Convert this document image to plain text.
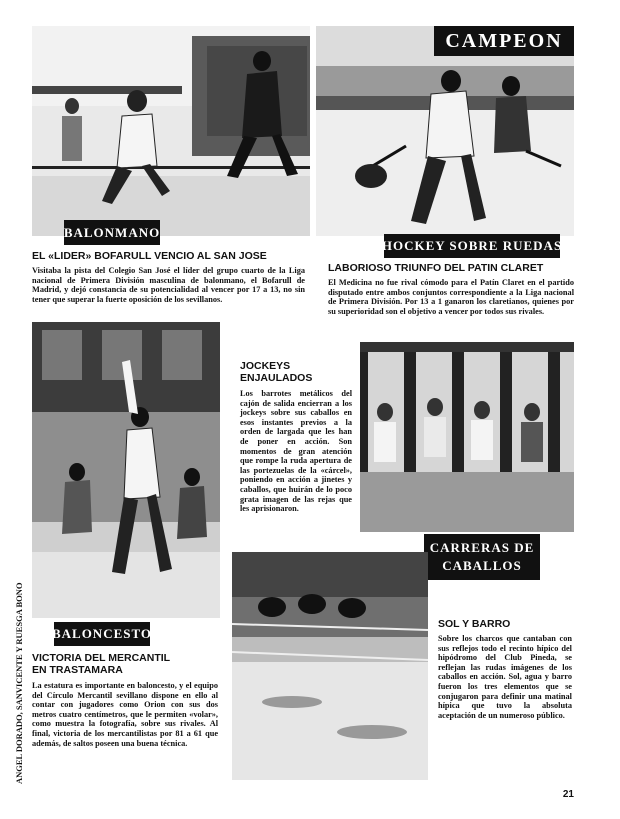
BALONMANO
EL «LIDER» BOFARULL VENCIO AL SAN JOSE
Visitaba la pista del Colegio San José el líder del grupo cuarto de la Liga nacional de Primera División masculina de balonmano, el Bofarull de Madrid, y dejó constancia de su potencialidad al vencer por 17 a 13, no sin tener que superar la fuerte oposición de los sevillanos.
CAMPEON
HOCKEY SOBRE RUEDAS
LABORIOSO TRIUNFO DEL PATIN CLARET
El Medicina no fue rival cómodo para el Patín Claret en el partido disputado entre ambos conjuntos correspondiente a la Liga nacional de Primera División. Por 13 a 1 ganaron los claretianos, quienes por su superioridad son el objetivo a vencer por todos sus rivales.
BALONCESTO
VICTORIA DEL MERCANTIL
EN TRASTAMARA
La estatura es importante en baloncesto, y el equipo del Círculo Mercantil sevillano dispone en ello al contar con jugadores como Orion con sus dos metros cuatro centímetros, que le permiten «volar», como muestra la fotografía, sobre sus rivales. Al final, victoria de los mercantilistas por 81 a 61 que además, de saltos poseen una buena técnica.
JOCKEYS
ENJAULADOS
Los barrotes metálicos del cajón de salida encierran a los jockeys sobre sus caballos en esos instantes previos a la orden de largada que les han de poner en acción. Son momentos de gran atención que rompe la ruda apertura de las portezuelas de la «cárcel», poniendo en acción a jinetes y caballos, que huirán de lo poco grata imagen de las rejas que les aprisionaron.
CARRERAS DE
CABALLOS
SOL Y BARRO
Sobre los charcos que cantaban con sus reflejos todo el recinto hípico del hipódromo del Club Pineda, se reflejan las rudas imágenes de los caballos en acción. Sol, agua y barro fueron los tres elementos que se conjugaron para definir una matinal hípica que tuvo la absoluta aceptación de un numeroso público.
ANGEL DORADO, SANVICENTE Y RUESGA BONO
21
